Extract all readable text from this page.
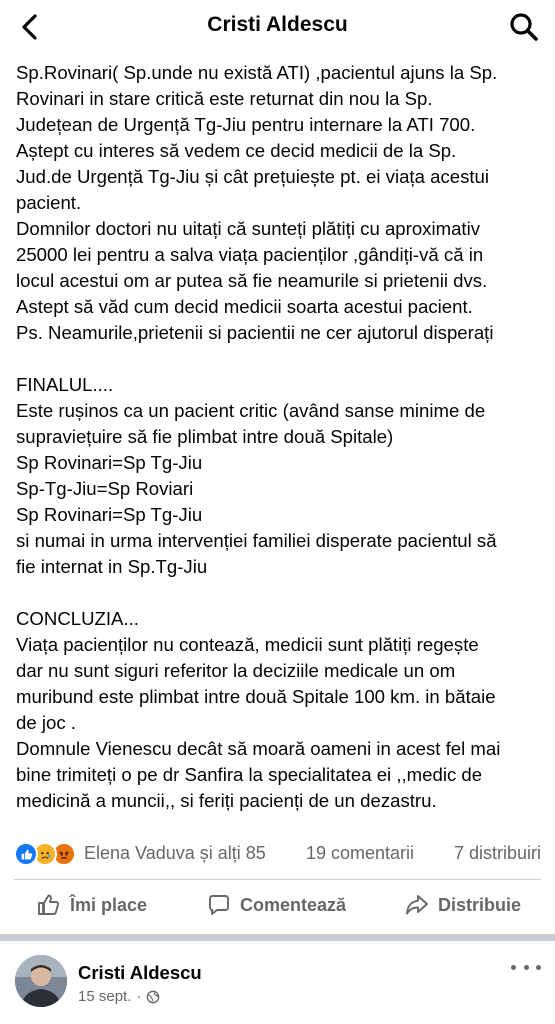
Cristi Aldescu

Sp.Rovinari( Sp.unde nu există ATI) ,pacientul ajuns la Sp.

Rovinari in stare critică este returnat din nou la Sp.

Județean de Urgență Tg-Jiu pentru internare la ATI 700.

Aștept cu interes să vedem ce decid medicii de la Sp.

Jud.de Urgență Tg-Jiu și cât prețuiește pt. ei viața acestui

pacient.

Domnilor doctori nu uitați că sunteți plătiți cu aproximativ

25000 lei pentru a salva viața pacienților ,gândiți-vă că in

locul acestui om ar putea să fie neamurile si prietenii dvs.

Astept să văd cum decid medicii soarta acestui pacient.

Ps. Neamurile,prietenii si pacientii ne cer ajutorul disperați

FINALUL....

Este rușinos ca un pacient critic (având sanse minime de

supraviețuire să fie plimbat intre două Spitale)

Sp Rovinari=Sp Tg-Jiu

Sp-Tg-Jiu=Sp Roviari

Sp Rovinari=Sp Tg-Jiu

si numai in urma intervenției familiei disperate pacientul să

fie internat in Sp.Tg-Jiu

CONCLUZIA...

Viața pacienților nu contează, medicii sunt plătiți regește

dar nu sunt siguri referitor la deciziile medicale un om

muribund este plimbat intre două Spitale 100 km. in bătaie

de joc .

Domnule Vienescu decât să moară oameni in acest fel mai

bine trimiteți o pe dr Sanfira la specialitatea ei ,,medic de

medicină a muncii,, si feriți pacienți de un dezastru.

Elena Vaduva și alți 85 19 comentarii 7 distribuiri
Îmi place	Comentează	Distribuie
Cristi Aldescu
15 sept. ·
